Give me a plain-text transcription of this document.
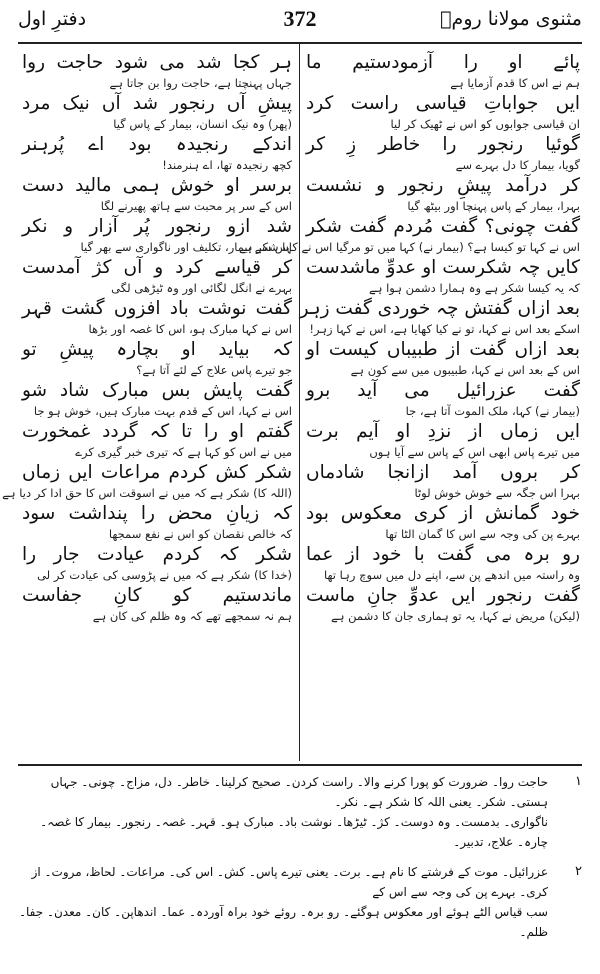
مثنوی مولانا رومؒ
372
دفترِ اول
پائے او را آزمودستیم ما
ہم نے اس کا قدم آزمایا ہے
ایں جواباتِ قیاسی راست کرد
ان قیاسی جوابوں کو اس نے ٹھیک کر لیا
گوئیا رنجور را خاطر زِ کر
گویا، بیمار کا دل بہرے سے
کر درآمد پیشِ رنجور و نشست
بہرا، بیمار کے پاس پہنچا اور بیٹھ گیا
گفت چونی؟ گفت مُردم گفت شکر
اس نے کہا تو کیسا ہے؟ (بیمار نے) کہا میں تو مرگیا اس نے کہا شکر ہے
کایں چہ شکرست او عدوِّ ماشدست
کہ یہ کیسا شکر ہے وہ ہمارا دشمن ہوا ہے
بعد ازاں گفتش چہ خوردی گفت زہر
اسکے بعد اس نے کہا، تو نے کیا کھایا ہے، اس نے کہا زہر!
بعد ازاں گفت از طبیباں کیست او
اس کے بعد اس نے کہا، طبیبوں میں سے کون ہے
گفت عزرائیل می آید برو
(بیمار نے) کہا، ملک الموت آتا ہے، جا
ایں زماں از نزدِ او آیم برت
میں تیرے پاس ابھی اس کے پاس سے آیا ہوں
کر بروں آمد ازانجا شادماں
بہرا اس جگہ سے خوش خوش لوٹا
خود گمانش از کری معکوس بود
بہرے پن کی وجہ سے اس کا گمان الٹا تھا
رو برہ می گفت با خود از عما
وہ راستہ میں اندھے پن سے، اپنے دل میں سوچ رہا تھا
گفت رنجور ایں عدوِّ جانِ ماست
(لیکن) مریض نے کہا، یہ تو ہماری جان کا دشمن ہے
ہر کجا شد می شود حاجت روا
جہاں پہنچتا ہے، حاجت روا بن جاتا ہے
پیشِ آں رنجور شد آں نیک مرد
(پھر) وہ نیک انسان، بیمار کے پاس گیا
اندکے رنجیدہ بود اے پُرہنر
کچھ رنجیدہ تھا، اے ہنرمند!
برسر او خوش ہمی مالید دست
اس کے سر پر محبت سے ہاتھ پھیرنے لگا
شد ازو رنجور پُر آزار و نکر
اس سے بیمار، تکلیف اور ناگواری سے بھر گیا
کر قیاسے کرد و آں کژ آمدست
بہرے نے انگل لگائی اور وہ ٹیڑھی لگی
گفت نوشت باد افزوں گشت قہر
اس نے کہا مبارک ہو، اس کا غصہ اور بڑھا
کہ بیاید او بچارہ پیشِ تو
جو تیرے پاس علاج کے لئے آتا ہے؟
گفت پایش بس مبارک شاد شو
اس نے کہا، اس کے قدم بہت مبارک ہیں، خوش ہو جا
گفتم او را تا کہ گردد غمخورت
میں نے اس کو کہا ہے کہ تیری خبر گیری کرے
شکر کش کردم مراعات ایں زماں
(اللہ کا) شکر ہے کہ میں نے اسوقت اس کا حق ادا کر دیا ہے
کہ زیانِ محض را پنداشت سود
کہ خالص نقصان کو اس نے نفع سمجھا
شکر کہ کردم عیادت جار را
(خدا کا) شکر ہے کہ میں نے پڑوسی کی عیادت کر لی
ماندستیم کو کانِ جفاست
ہم نہ سمجھے تھے کہ وہ ظلم کی کان ہے
۱
حاجت روا۔ ضرورت کو پورا کرنے والا۔ راست کردن۔ صحیح کرلینا۔ خاطر۔ دل، مزاج۔ چونی۔ جہاں ہستی۔ شکر۔ یعنی اللہ کا شکر ہے۔ نکر۔
ناگواری۔ بدمست۔ وہ دوست۔ کژ۔ ٹیڑھا۔ نوشت باد۔ مبارک ہو۔ قہر۔ غصہ۔ رنجور۔ بیمار کا غصہ۔ چارہ۔ علاج، تدبیر۔
۲
عزرائیل۔ موت کے فرشتے کا نام ہے۔ برت۔ یعنی تیرے پاس۔ کش۔ اس کی۔ مراعات۔ لحاظ، مروت۔ از کری۔ بہرے پن کی وجہ سے اس کے
سب قیاس الٹے ہوئے اور معکوس ہوگئے۔ رو برہ۔ روئے خود براہ آوردہ۔ عما۔ اندھاپن۔ کان۔ معدن۔ جفا۔ ظلم۔
